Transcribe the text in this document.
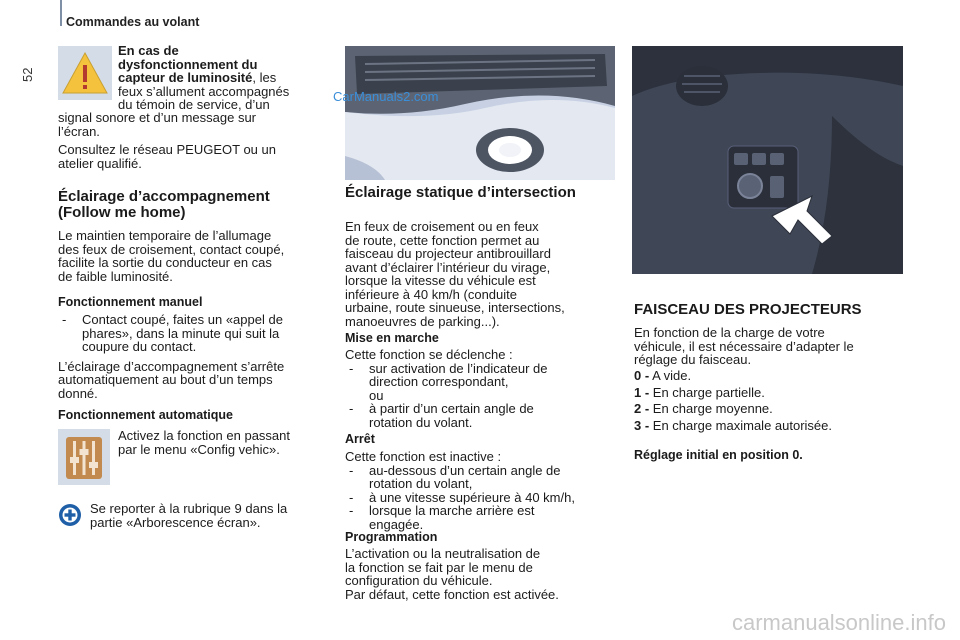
Commandes au volant
52

En cas de

dysfonctionnement du

capteur de luminosité, les

feux s’allument accompagnés

du témoin de service, d’un

signal sonore et d’un message sur

l’écran.

Consultez le réseau PEUGEOT ou un

atelier qualifié.

Éclairage d’accompagnement
(Follow me home)

Le maintien temporaire de l’allumage

des feux de croisement, contact coupé,

facilite la sortie du conducteur en cas

de faible luminosité.

Fonctionnement manuel
- Contact coupé, faites un «appel de
phares», dans la minute qui suit la
coupure du contact.

L’éclairage d’accompagnement s’arrête

automatiquement au bout d’un temps

donné.

Fonctionnement automatique

Activez la fonction en passant

par le menu «Config vehic».

Se reporter à la rubrique 9 dans la

partie «Arborescence écran».

CarManuals2.com
Éclairage statique d’intersection

En feux de croisement ou en feux

de route, cette fonction permet au

faisceau du projecteur antibrouillard

avant d’éclairer l’intérieur du virage,

lorsque la vitesse du véhicule est

inférieure à 40 km/h (conduite

urbaine, route sinueuse, intersections,

manoeuvres de parking...).

Mise en marche

Cette fonction se déclenche :

- sur activation de l’indicateur de
direction correspondant,
ou
- à partir d’un certain angle de
rotation du volant.
Arrêt

Cette fonction est inactive :

- au-dessous d’un certain angle de
rotation du volant,
- à une vitesse supérieure à 40 km/h,
- lorsque la marche arrière est
engagée.
Programmation

L’activation ou la neutralisation de

la fonction se fait par le menu de

configuration du véhicule.

Par défaut, cette fonction est activée.

FAISCEAU DES PROJECTEURS

En fonction de la charge de votre

véhicule, il est nécessaire d’adapter le

réglage du faisceau.

0 - A vide.

1 - En charge partielle.

2 - En charge moyenne.

3 - En charge maximale autorisée.

Réglage initial en position 0.
carmanualsonline.info
